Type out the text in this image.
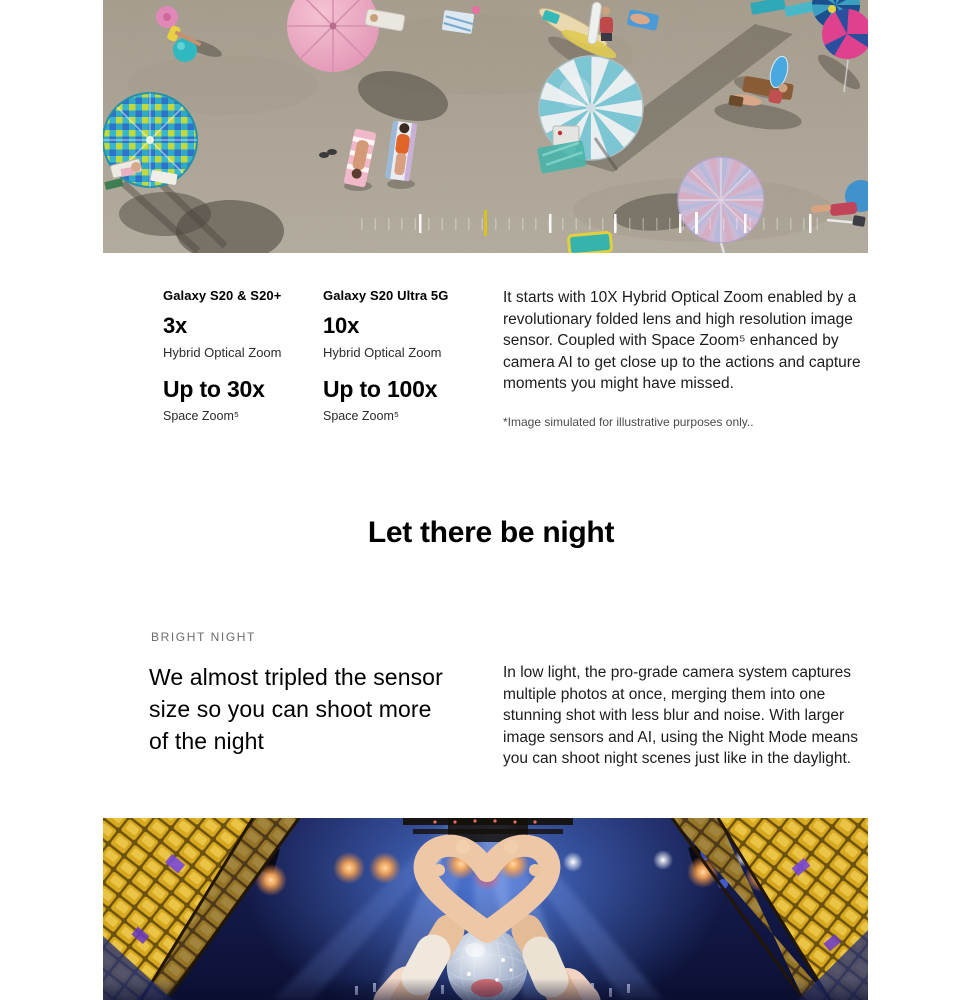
Galaxy S20 & S20+
3x
Hybrid Optical Zoom
Up to 30x
Space Zoom⁵
Galaxy S20 Ultra 5G
10x
Hybrid Optical Zoom
Up to 100x
Space Zoom⁵

It starts with 10X Hybrid Optical Zoom enabled by a revolutionary folded lens and high resolution image sensor. Coupled with Space Zoom⁵ enhanced by camera AI to get close up to the actions and capture moments you might have missed.

*Image simulated for illustrative purposes only..

Let there be night
BRIGHT NIGHT
We almost tripled the sensor size so you can shoot more of the night

In low light, the pro-grade camera system captures multiple photos at once, merging them into one stunning shot with less blur and noise. With larger image sensors and AI, using the Night Mode means you can shoot night scenes just like in the daylight.
